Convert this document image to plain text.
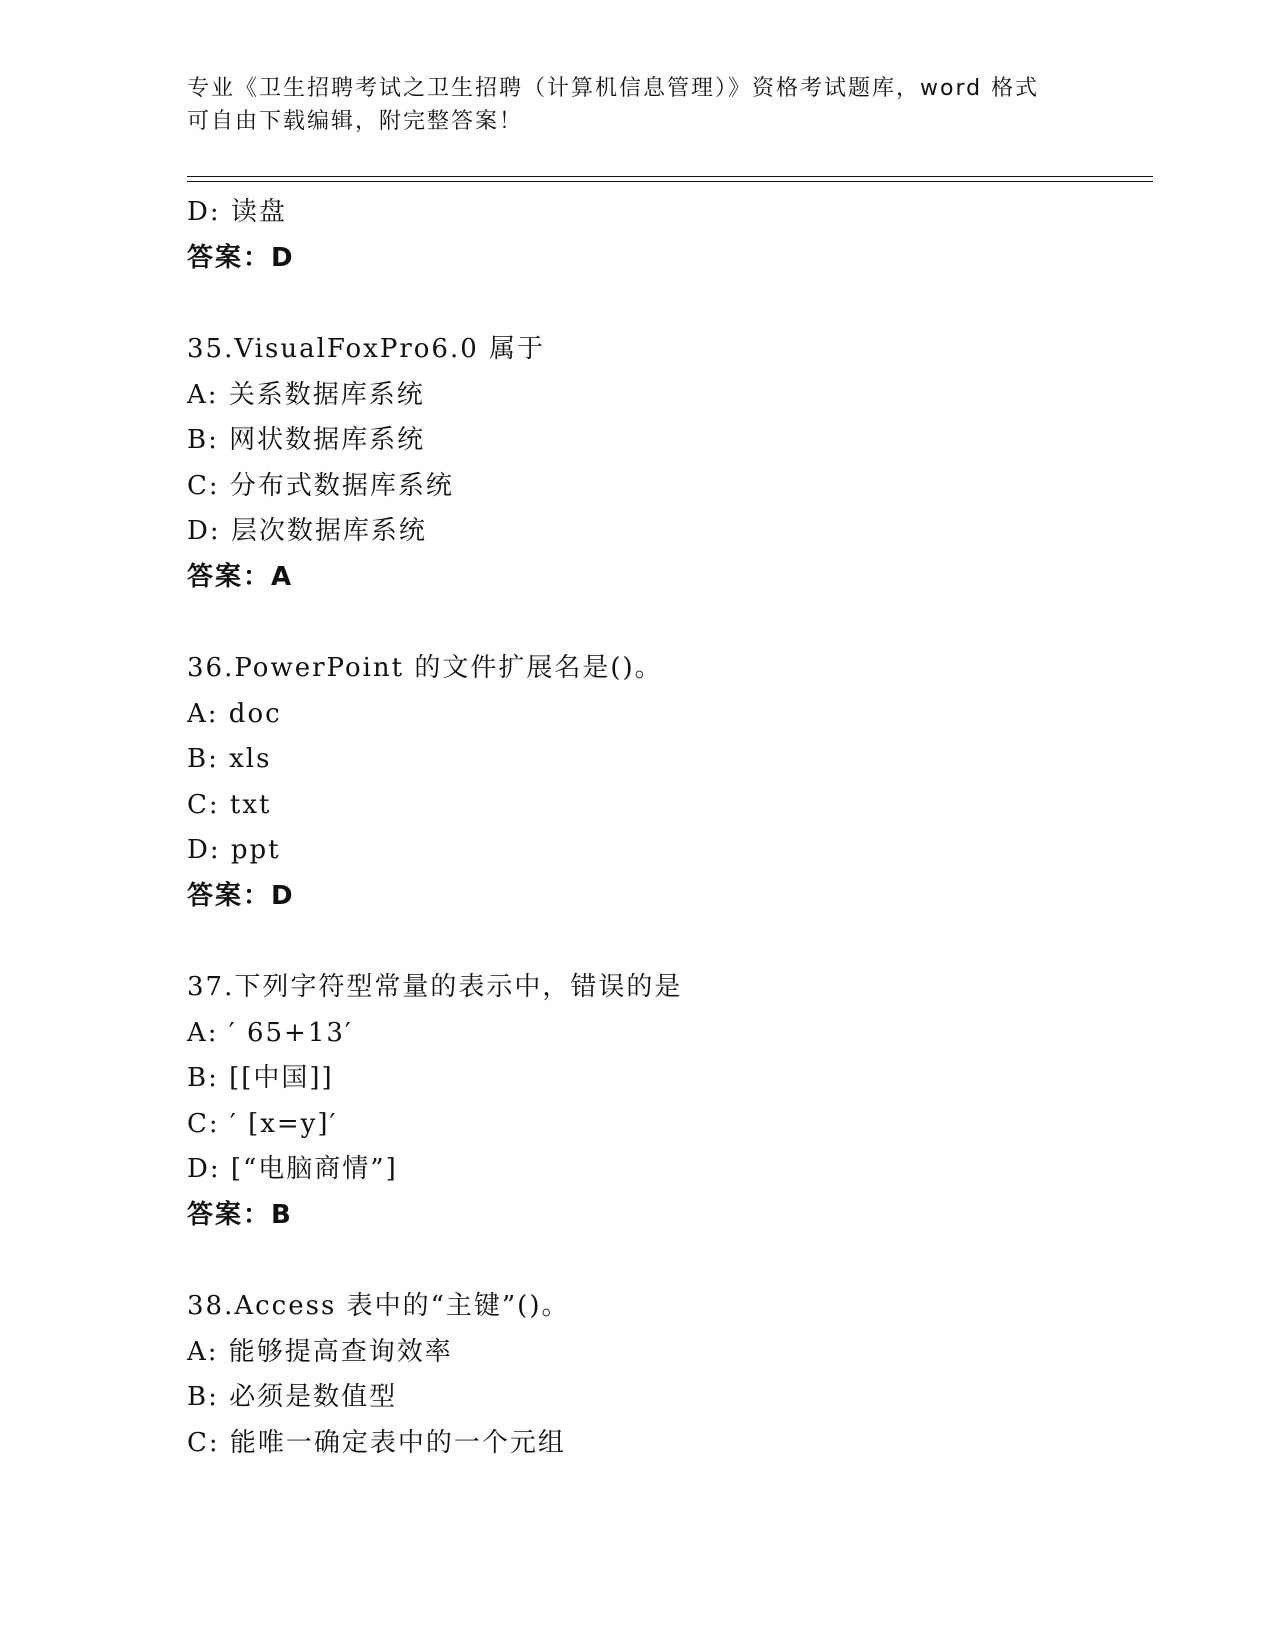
专业《卫生招聘考试之卫生招聘（计算机信息管理）》资格考试题库，word 格式
可自由下载编辑，附完整答案！
D: 读盘
答案：D
35.VisualFoxPro6.0 属于
A: 关系数据库系统
B: 网状数据库系统
C: 分布式数据库系统
D: 层次数据库系统
答案：A
36.PowerPoint 的文件扩展名是()。
A: doc
B: xls
C: txt
D: ppt
答案：D
37.下列字符型常量的表示中，错误的是
A: ′ 65+13′
B: [[中国]]
C: ′ [x=y]′
D: [“电脑商情”]
答案：B
38.Access 表中的“主键”()。
A: 能够提高查询效率
B: 必须是数值型
C: 能唯一确定表中的一个元组
